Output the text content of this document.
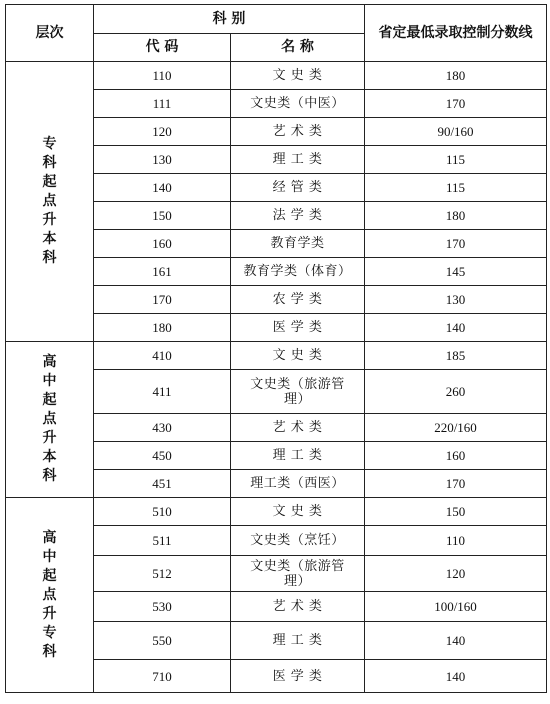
层次	科 别		省定最低录取控制分数线
	代 码	名 称	
专科起点升本科	110	文 史 类	180
	111	文史类（中医）	170
	120	艺 术 类	90/160
	130	理 工 类	115
	140	经 管 类	115
	150	法 学 类	180
	160	教育学类	170
	161	教育学类（体育）	145
	170	农 学 类	130
	180	医 学 类	140
高中起点升本科	410	文 史 类	185
	411	文史类（旅游管理）	260
	430	艺 术 类	220/160
	450	理 工 类	160
	451	理工类（西医）	170
高中起点升专科	510	文 史 类	150
	511	文史类（烹饪）	110
	512	文史类（旅游管理）	120
	530	艺 术 类	100/160
	550	理 工 类	140
	710	医 学 类	140
